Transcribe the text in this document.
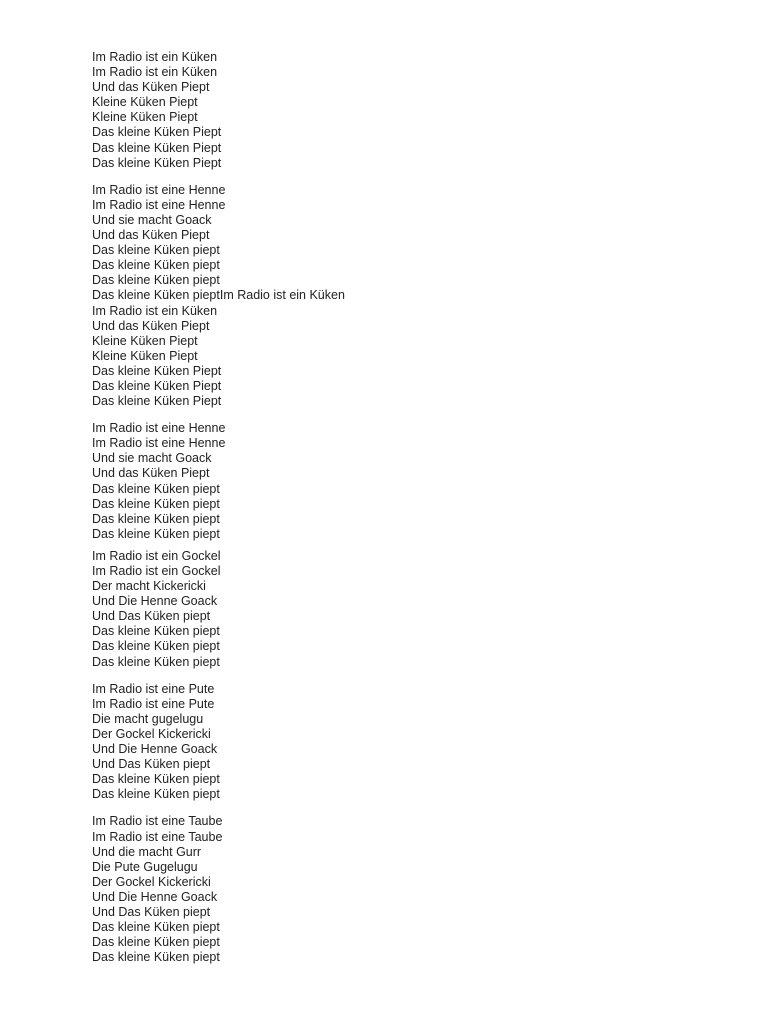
Im Radio ist ein Küken
Im Radio ist ein Küken
Und das Küken Piept
Kleine Küken Piept
Kleine Küken Piept
Das kleine Küken Piept
Das kleine Küken Piept
Das kleine Küken Piept
Im Radio ist eine Henne
Im Radio ist eine Henne
Und sie macht Goack
Und das Küken Piept
Das kleine Küken piept
Das kleine Küken piept
Das kleine Küken piept
Das kleine Küken pieptIm Radio ist ein Küken
Im Radio ist ein Küken
Und das Küken Piept
Kleine Küken Piept
Kleine Küken Piept
Das kleine Küken Piept
Das kleine Küken Piept
Das kleine Küken Piept
Im Radio ist eine Henne
Im Radio ist eine Henne
Und sie macht Goack
Und das Küken Piept
Das kleine Küken piept
Das kleine Küken piept
Das kleine Küken piept
Das kleine Küken piept
Im Radio ist ein Gockel
Im Radio ist ein Gockel
Der macht Kickericki
Und Die Henne Goack
Und Das Küken piept
Das kleine Küken piept
Das kleine Küken piept
Das kleine Küken piept
Im Radio ist eine Pute
Im Radio ist eine Pute
Die macht gugelugu
Der Gockel Kickericki
Und Die Henne Goack
Und Das Küken piept
Das kleine Küken piept
Das kleine Küken piept
Im Radio ist eine Taube
Im Radio ist eine Taube
Und die macht Gurr
Die Pute Gugelugu
Der Gockel Kickericki
Und Die Henne Goack
Und Das Küken piept
Das kleine Küken piept
Das kleine Küken piept
Das kleine Küken piept
